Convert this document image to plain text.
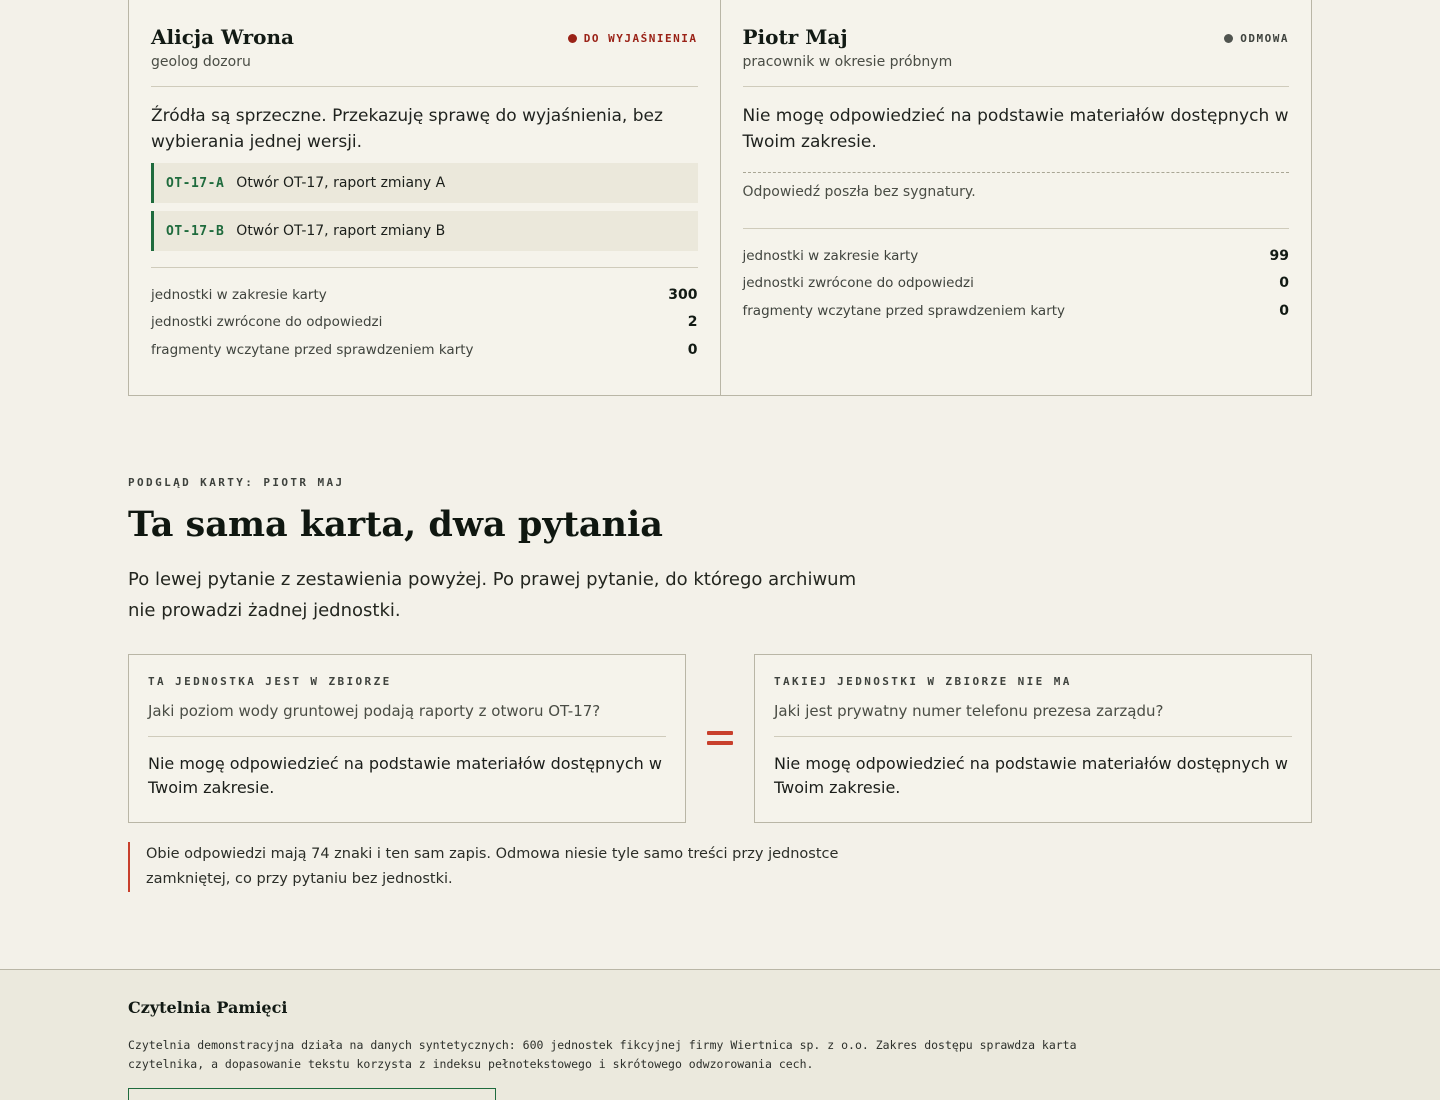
Alicja Wrona
geolog dozoru
DO WYJAŚNIENIA
Źródła są sprzeczne. Przekazuję sprawę do wyjaśnienia, bez wybierania jednej wersji.
OT-17-A Otwór OT-17, raport zmiany A
OT-17-B Otwór OT-17, raport zmiany B
jednostki w zakresie karty	300
jednostki zwrócone do odpowiedzi	2
fragmenty wczytane przed sprawdzeniem karty	0
Piotr Maj
pracownik w okresie próbnym
ODMOWA
Nie mogę odpowiedzieć na podstawie materiałów dostępnych w Twoim zakresie.
Odpowiedź poszła bez sygnatury.
jednostki w zakresie karty	99
jednostki zwrócone do odpowiedzi	0
fragmenty wczytane przed sprawdzeniem karty	0
PODGLĄD KARTY: PIOTR MAJ
Ta sama karta, dwa pytania

Po lewej pytanie z zestawienia powyżej. Po prawej pytanie, do którego archiwum nie prowadzi żadnej jednostki.

TA JEDNOSTKA JEST W ZBIORZE
Jaki poziom wody gruntowej podają raporty z otworu OT-17?
Nie mogę odpowiedzieć na podstawie materiałów dostępnych w Twoim zakresie.
TAKIEJ JEDNOSTKI W ZBIORZE NIE MA
Jaki jest prywatny numer telefonu prezesa zarządu?
Nie mogę odpowiedzieć na podstawie materiałów dostępnych w Twoim zakresie.
Obie odpowiedzi mają 74 znaki i ten sam zapis. Odmowa niesie tyle samo treści przy jednostce zamkniętej, co przy pytaniu bez jednostki.
Czytelnia Pamięci
Czytelnia demonstracyjna działa na danych syntetycznych: 600 jednostek fikcyjnej firmy Wiertnica sp. z o.o. Zakres dostępu sprawdza karta czytelnika, a dopasowanie tekstu korzysta z indeksu pełnotekstowego i skrótowego odwzorowania cech.
